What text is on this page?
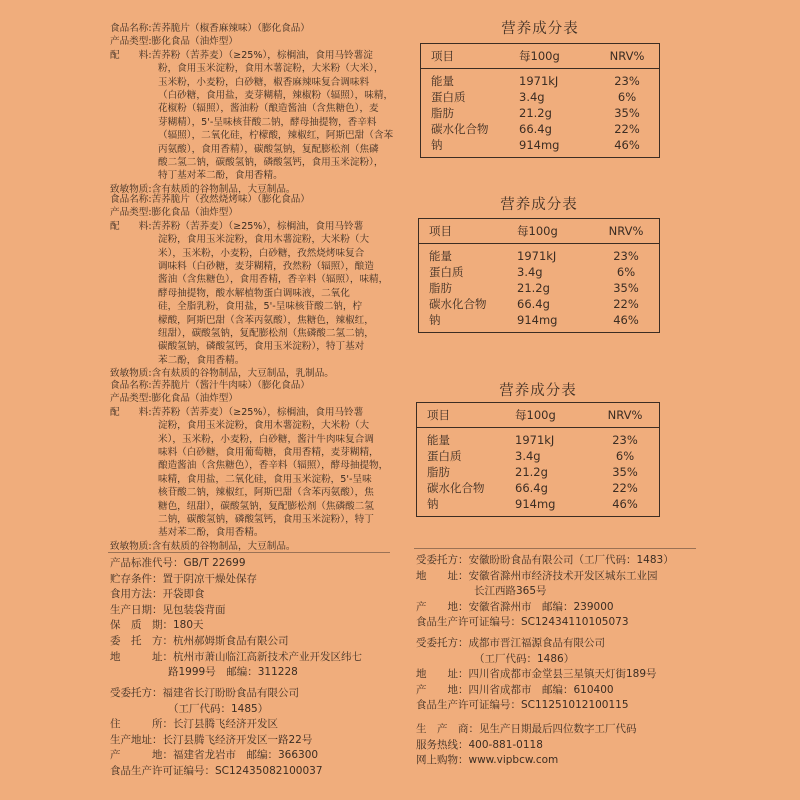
食品名称:苦荞脆片（椒香麻辣味）（膨化食品）
产品类型:膨化食品（油炸型）
配　　料:苦荞粉（苦荞麦）（≥25%），棕榈油，食用马铃薯淀
粉，食用玉米淀粉，食用木薯淀粉，大米粉（大米），
玉米粉，小麦粉，白砂糖，椒香麻辣味复合调味料
（白砂糖，食用盐，麦芽糊精，辣椒粉（辐照），味精，
花椒粉（辐照），酱油粉（酿造酱油（含焦糖色），麦
芽糊精），5'-呈味核苷酸二钠，酵母抽提物，香辛料
（辐照），二氧化硅，柠檬酸，辣椒红，阿斯巴甜（含苯
丙氨酸），食用香精），碳酸氢钠，复配膨松剂（焦磷
酸二氢二钠，碳酸氢钠，磷酸氢钙，食用玉米淀粉），
特丁基对苯二酚，食用香精。
致敏物质:含有麸质的谷物制品，大豆制品。
食品名称:苦荞脆片（孜然烧烤味）（膨化食品）
产品类型:膨化食品（油炸型）
配　　料:苦荞粉（苦荞麦）（≥25%），棕榈油，食用马铃薯
淀粉，食用玉米淀粉，食用木薯淀粉，大米粉（大
米），玉米粉，小麦粉，白砂糖，孜然烧烤味复合
调味料（白砂糖，麦芽糊精，孜然粉（辐照），酿造
酱油（含焦糖色），食用香精，香辛料（辐照），味精，
酵母抽提物，酸水解植物蛋白调味液，二氧化
硅，全脂乳粉，食用盐，5'-呈味核苷酸二钠，柠
檬酸，阿斯巴甜（含苯丙氨酸），焦糖色，辣椒红，
纽甜），碳酸氢钠，复配膨松剂（焦磷酸二氢二钠，
碳酸氢钠，磷酸氢钙，食用玉米淀粉），特丁基对
苯二酚，食用香精。
致敏物质:含有麸质的谷物制品，大豆制品，乳制品。
食品名称:苦荞脆片（酱汁牛肉味）（膨化食品）
产品类型:膨化食品（油炸型）
配　　料:苦荞粉（苦荞麦）（≥25%），棕榈油，食用马铃薯
淀粉，食用玉米淀粉，食用木薯淀粉，大米粉（大
米），玉米粉，小麦粉，白砂糖，酱汁牛肉味复合调
味料（白砂糖，食用葡萄糖，食用香精，麦芽糊精，
酿造酱油（含焦糖色），香辛料（辐照），酵母抽提物，
味精，食用盐，二氧化硅，食用玉米淀粉，5'-呈味
核苷酸二钠，辣椒红，阿斯巴甜（含苯丙氨酸），焦
糖色，纽甜），碳酸氢钠，复配膨松剂（焦磷酸二氢
二钠，碳酸氢钠，磷酸氢钙，食用玉米淀粉），特丁
基对苯二酚，食用香精。
致敏物质:含有麸质的谷物制品，大豆制品。
营养成分表
项目	每100g	NRV%
能量	1971kJ	23%
蛋白质	3.4g	6%
脂肪	21.2g	35%
碳水化合物	66.4g	22%
钠	914mg	46%
营养成分表
项目	每100g	NRV%
能量	1971kJ	23%
蛋白质	3.4g	6%
脂肪	21.2g	35%
碳水化合物	66.4g	22%
钠	914mg	46%
营养成分表
项目	每100g	NRV%
能量	1971kJ	23%
蛋白质	3.4g	6%
脂肪	21.2g	35%
碳水化合物	66.4g	22%
钠	914mg	46%
产品标准代号：GB/T 22699
贮存条件：置于阴凉干燥处保存
食用方法：开袋即食
生产日期：见包装袋背面
保　质　期：180天
委　托　方：杭州郝姆斯食品有限公司
地　　　址：杭州市萧山临江高新技术产业开发区纬七
路1999号　邮编：311228
受委托方：福建省长汀盼盼食品有限公司
（工厂代码：1485）
住　　　所：长汀县腾飞经济开发区
生产地址：长汀县腾飞经济开发区一路22号
产　　　地：福建省龙岩市　邮编：366300
食品生产许可证编号：SC12435082100037
受委托方：安徽盼盼食品有限公司（工厂代码：1483）
地　　址：安徽省滁州市经济技术开发区城东工业园
长江西路365号
产　　地：安徽省滁州市　邮编：239000
食品生产许可证编号：SC12434110105073
受委托方：成都市晋江福源食品有限公司
（工厂代码：1486）
地　　址：四川省成都市金堂县三星镇天灯街189号
产　　地：四川省成都市　邮编：610400
食品生产许可证编号：SC11251012100115
生　产　商：见生产日期最后四位数字工厂代码
服务热线：400-881-0118
网上购物：www.vipbcw.com
